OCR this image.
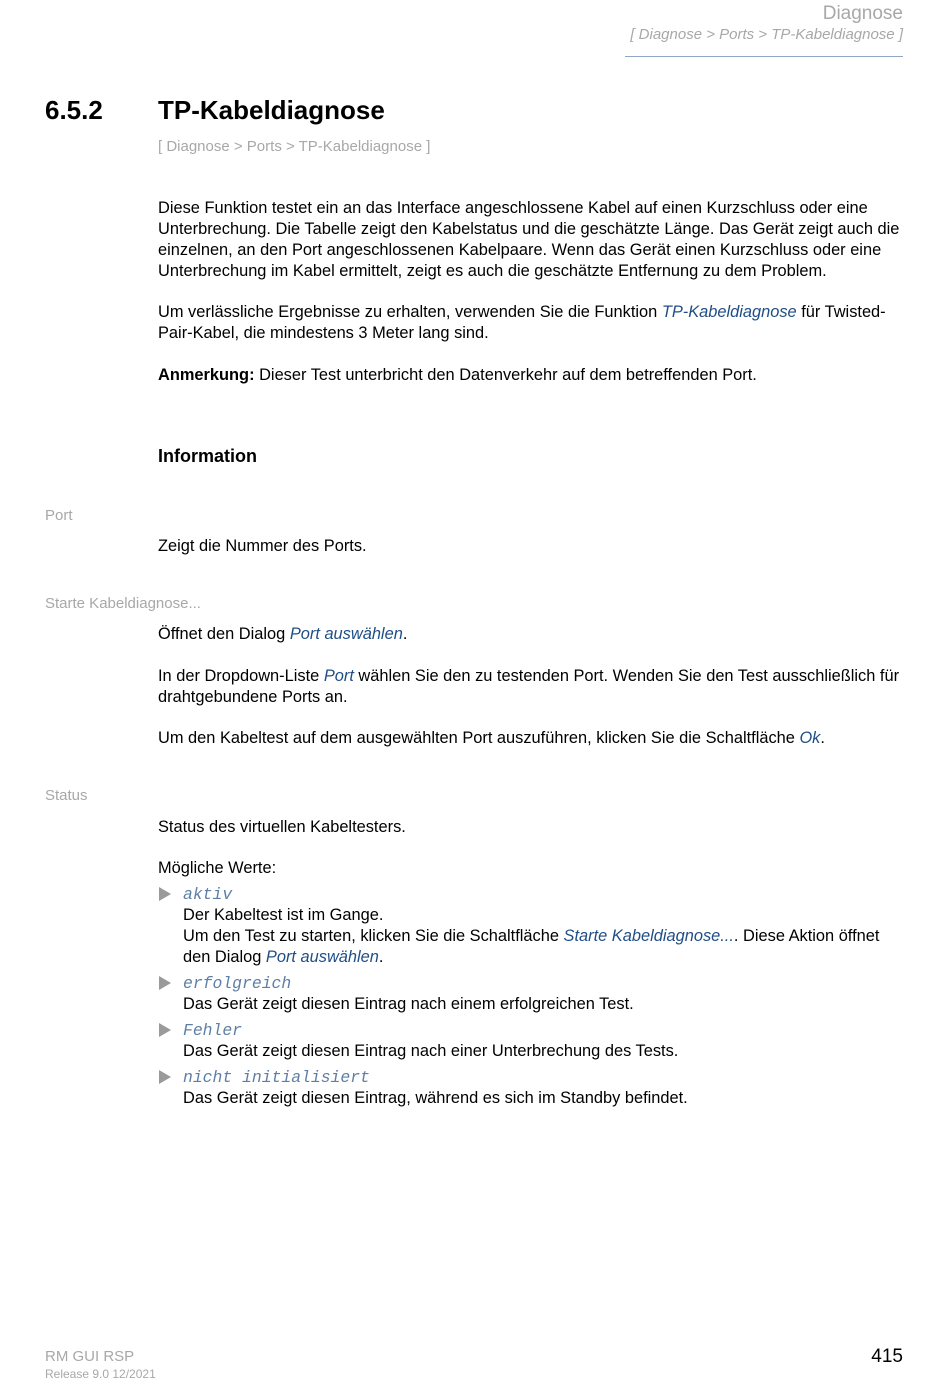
Diagnose
[ Diagnose > Ports > TP-Kabeldiagnose ]
6.5.2 TP-Kabeldiagnose
[ Diagnose > Ports > TP-Kabeldiagnose ]

Diese Funktion testet ein an das Interface angeschlossene Kabel auf einen Kurzschluss oder eine Unterbrechung. Die Tabelle zeigt den Kabelstatus und die geschätzte Länge. Das Gerät zeigt auch die einzelnen, an den Port angeschlossenen Kabelpaare. Wenn das Gerät einen Kurzschluss oder eine Unterbrechung im Kabel ermittelt, zeigt es auch die geschätzte Entfernung zu dem Problem.

Um verlässliche Ergebnisse zu erhalten, verwenden Sie die Funktion TP-Kabeldiagnose für Twisted-Pair-Kabel, die mindestens 3 Meter lang sind.

Anmerkung: Dieser Test unterbricht den Datenverkehr auf dem betreffenden Port.

Information
Port

Zeigt die Nummer des Ports.

Starte Kabeldiagnose...

Öffnet den Dialog Port auswählen.

In der Dropdown-Liste Port wählen Sie den zu testenden Port. Wenden Sie den Test ausschließlich für drahtgebundene Ports an.

Um den Kabeltest auf dem ausgewählten Port auszuführen, klicken Sie die Schaltfläche Ok.

Status

Status des virtuellen Kabeltesters.

Mögliche Werte:

aktiv
Der Kabeltest ist im Gange.
Um den Test zu starten, klicken Sie die Schaltfläche Starte Kabeldiagnose.... Diese Aktion öffnet den Dialog Port auswählen.
erfolgreich
Das Gerät zeigt diesen Eintrag nach einem erfolgreichen Test.
Fehler
Das Gerät zeigt diesen Eintrag nach einer Unterbrechung des Tests.
nicht initialisiert
Das Gerät zeigt diesen Eintrag, während es sich im Standby befindet.
RM GUI RSP
Release 9.0 12/2021
415
